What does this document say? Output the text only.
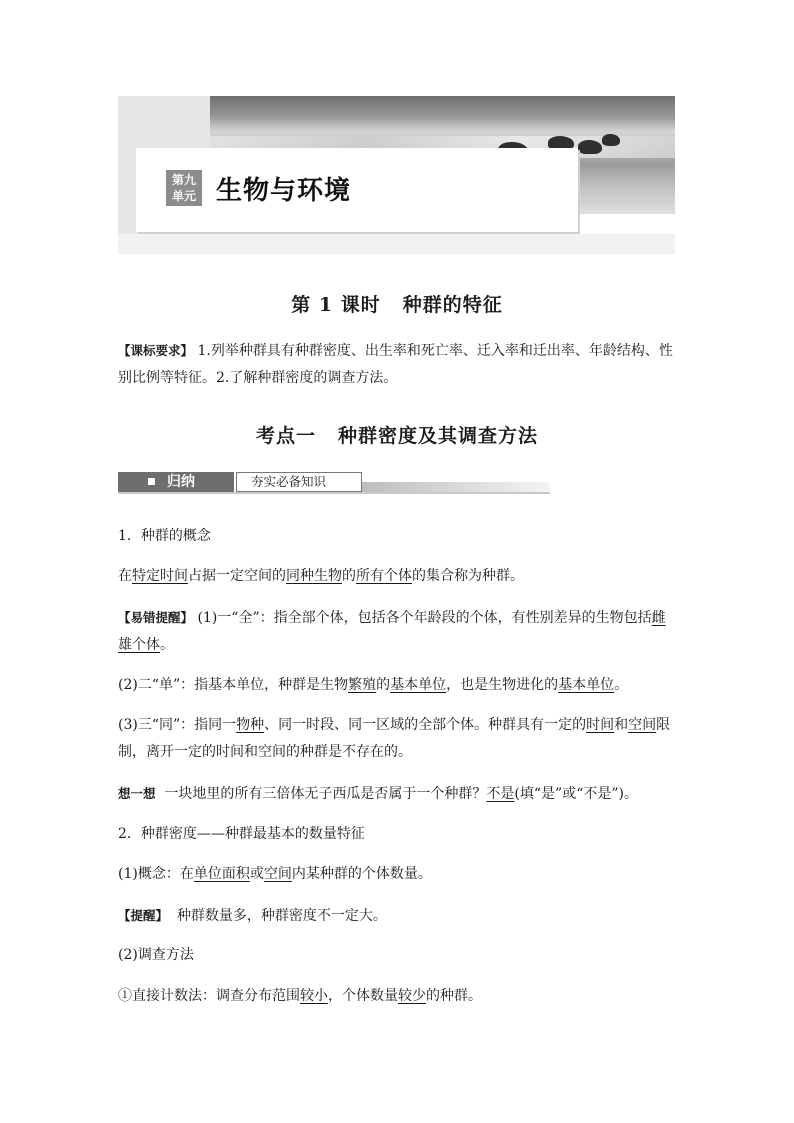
第九
单元 生物与环境
第 1 课时 种群的特征
【课标要求】 1.列举种群具有种群密度、出生率和死亡率、迁入率和迁出率、年龄结构、性别比例等特征。2.了解种群密度的调查方法。
考点一 种群密度及其调查方法
归纳	夯实必备知识
1．种群的概念
在特定时间占据一定空间的同种生物的所有个体的集合称为种群。
【易错提醒】 (1)一“全”：指全部个体，包括各个年龄段的个体，有性别差异的生物包括雌雄个体。
(2)二“单”：指基本单位，种群是生物繁殖的基本单位，也是生物进化的基本单位。
(3)三“同”：指同一物种、同一时段、同一区域的全部个体。种群具有一定的时间和空间限制，离开一定的时间和空间的种群是不存在的。
想一想 一块地里的所有三倍体无子西瓜是否属于一个种群？不是(填“是”或“不是”)。
2．种群密度——种群最基本的数量特征
(1)概念：在单位面积或空间内某种群的个体数量。
【提醒】 种群数量多，种群密度不一定大。
(2)调查方法
①直接计数法：调查分布范围较小，个体数量较少的种群。
